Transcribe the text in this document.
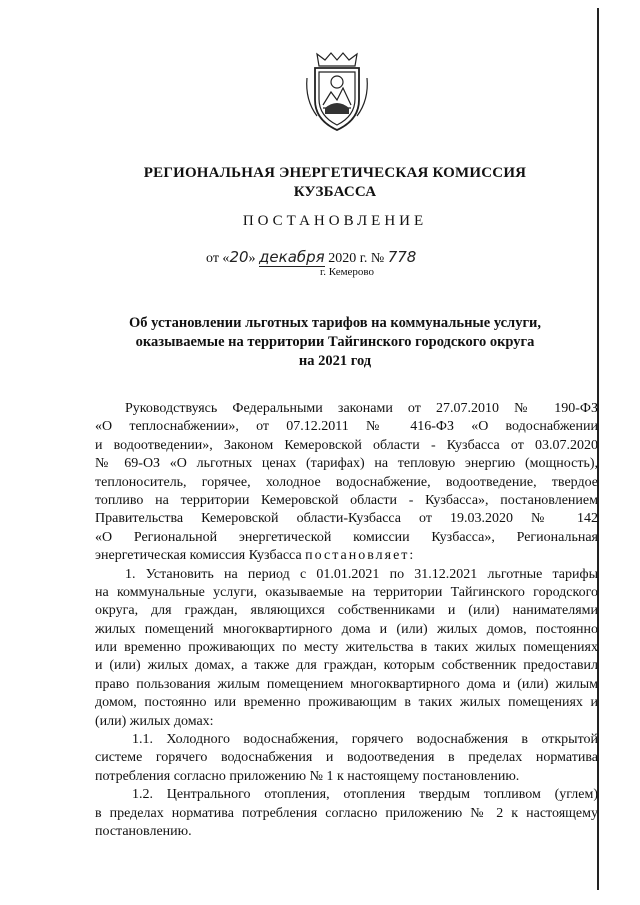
РЕГИОНАЛЬНАЯ ЭНЕРГЕТИЧЕСКАЯ КОМИССИЯ
КУЗБАССА
ПОСТАНОВЛЕНИЕ
от «20» декабря 2020 г. № 778
г. Кемерово
Об установлении льготных тарифов на коммунальные услуги,
оказываемые на территории Тайгинского городского округа
на 2021 год
Руководствуясь Федеральными законами от 27.07.2010 № 190-ФЗ
«О теплоснабжении», от 07.12.2011 № 416-ФЗ «О водоснабжении
и водоотведении», Законом Кемеровской области - Кузбасса от 03.07.2020
№ 69-ОЗ «О льготных ценах (тарифах) на тепловую энергию (мощность),
теплоноситель, горячее, холодное водоснабжение, водоотведение, твердое
топливо на территории Кемеровской области - Кузбасса», постановлением
Правительства Кемеровской области-Кузбасса от 19.03.2020 № 142
«О Региональной энергетической комиссии Кузбасса», Региональная
энергетическая комиссия Кузбасса постановляет:
1. Установить на период с 01.01.2021 по 31.12.2021 льготные тарифы
на коммунальные услуги, оказываемые на территории Тайгинского городского
округа, для граждан, являющихся собственниками и (или) нанимателями
жилых помещений многоквартирного дома и (или) жилых домов, постоянно
или временно проживающих по месту жительства в таких жилых помещениях
и (или) жилых домах, а также для граждан, которым собственник предоставил
право пользования жилым помещением многоквартирного дома и (или) жилым
домом, постоянно или временно проживающим в таких жилых помещениях и
(или) жилых домах:
1.1. Холодного водоснабжения, горячего водоснабжения в открытой
системе горячего водоснабжения и водоотведения в пределах норматива
потребления согласно приложению № 1 к настоящему постановлению.
1.2. Центрального отопления, отопления твердым топливом (углем)
в пределах норматива потребления согласно приложению № 2 к настоящему
постановлению.
